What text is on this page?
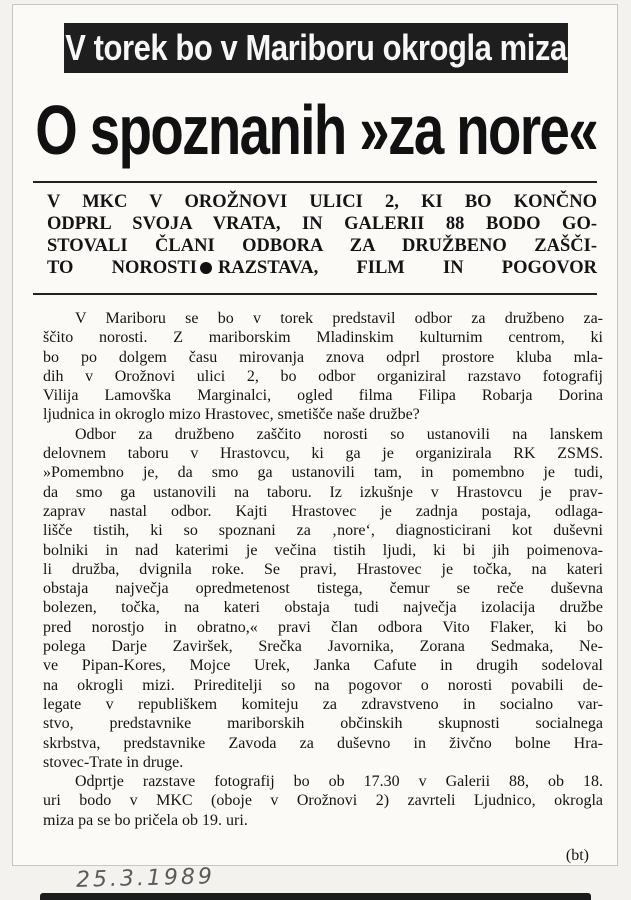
V torek bo v Mariboru okrogla miza
O spoznanih »za nore«
V MKC V OROŽNOVI ULICI 2, KI BO KONČNO
ODPRL SVOJA VRATA, IN GALERII 88 BODO GO-
STOVALI ČLANI ODBORA ZA DRUŽBENO ZAŠČI-
TO NOROSTI RAZSTAVA, FILM IN POGOVOR
V Mariboru se bo v torek predstavil odbor za družbeno za-
ščito norosti. Z mariborskim Mladinskim kulturnim centrom, ki
bo po dolgem času mirovanja znova odprl prostore kluba mla-
dih v Orožnovi ulici 2, bo odbor organiziral razstavo fotografij
Vilija Lamovška Marginalci, ogled filma Filipa Robarja Dorina
ljudnica in okroglo mizo Hrastovec, smetišče naše družbe?
Odbor za družbeno zaščito norosti so ustanovili na lanskem
delovnem taboru v Hrastovcu, ki ga je organizirala RK ZSMS.
»Pomembno je, da smo ga ustanovili tam, in pomembno je tudi,
da smo ga ustanovili na taboru. Iz izkušnje v Hrastovcu je prav-
zaprav nastal odbor. Kajti Hrastovec je zadnja postaja, odlaga-
lišče tistih, ki so spoznani za ‚nore‘, diagnosticirani kot duševni
bolniki in nad katerimi je večina tistih ljudi, ki bi jih poimenova-
li družba, dvignila roke. Se pravi, Hrastovec je točka, na kateri
obstaja največja opredmetenost tistega, čemur se reče duševna
bolezen, točka, na kateri obstaja tudi največja izolacija družbe
pred norostjo in obratno,« pravi član odbora Vito Flaker, ki bo
polega Darje Zaviršek, Srečka Javornika, Zorana Sedmaka, Ne-
ve Pipan-Kores, Mojce Urek, Janka Cafute in drugih sodeloval
na okrogli mizi. Prireditelji so na pogovor o norosti povabili de-
legate v republiškem komiteju za zdravstveno in socialno var-
stvo, predstavnike mariborskih občinskih skupnosti socialnega
skrbstva, predstavnike Zavoda za duševno in živčno bolne Hra-
stovec-Trate in druge.
Odprtje razstave fotografij bo ob 17.30 v Galerii 88, ob 18.
uri bodo v MKC (oboje v Orožnovi 2) zavrteli Ljudnico, okrogla
miza pa se bo pričela ob 19. uri.
(bt)
25.3.1989
